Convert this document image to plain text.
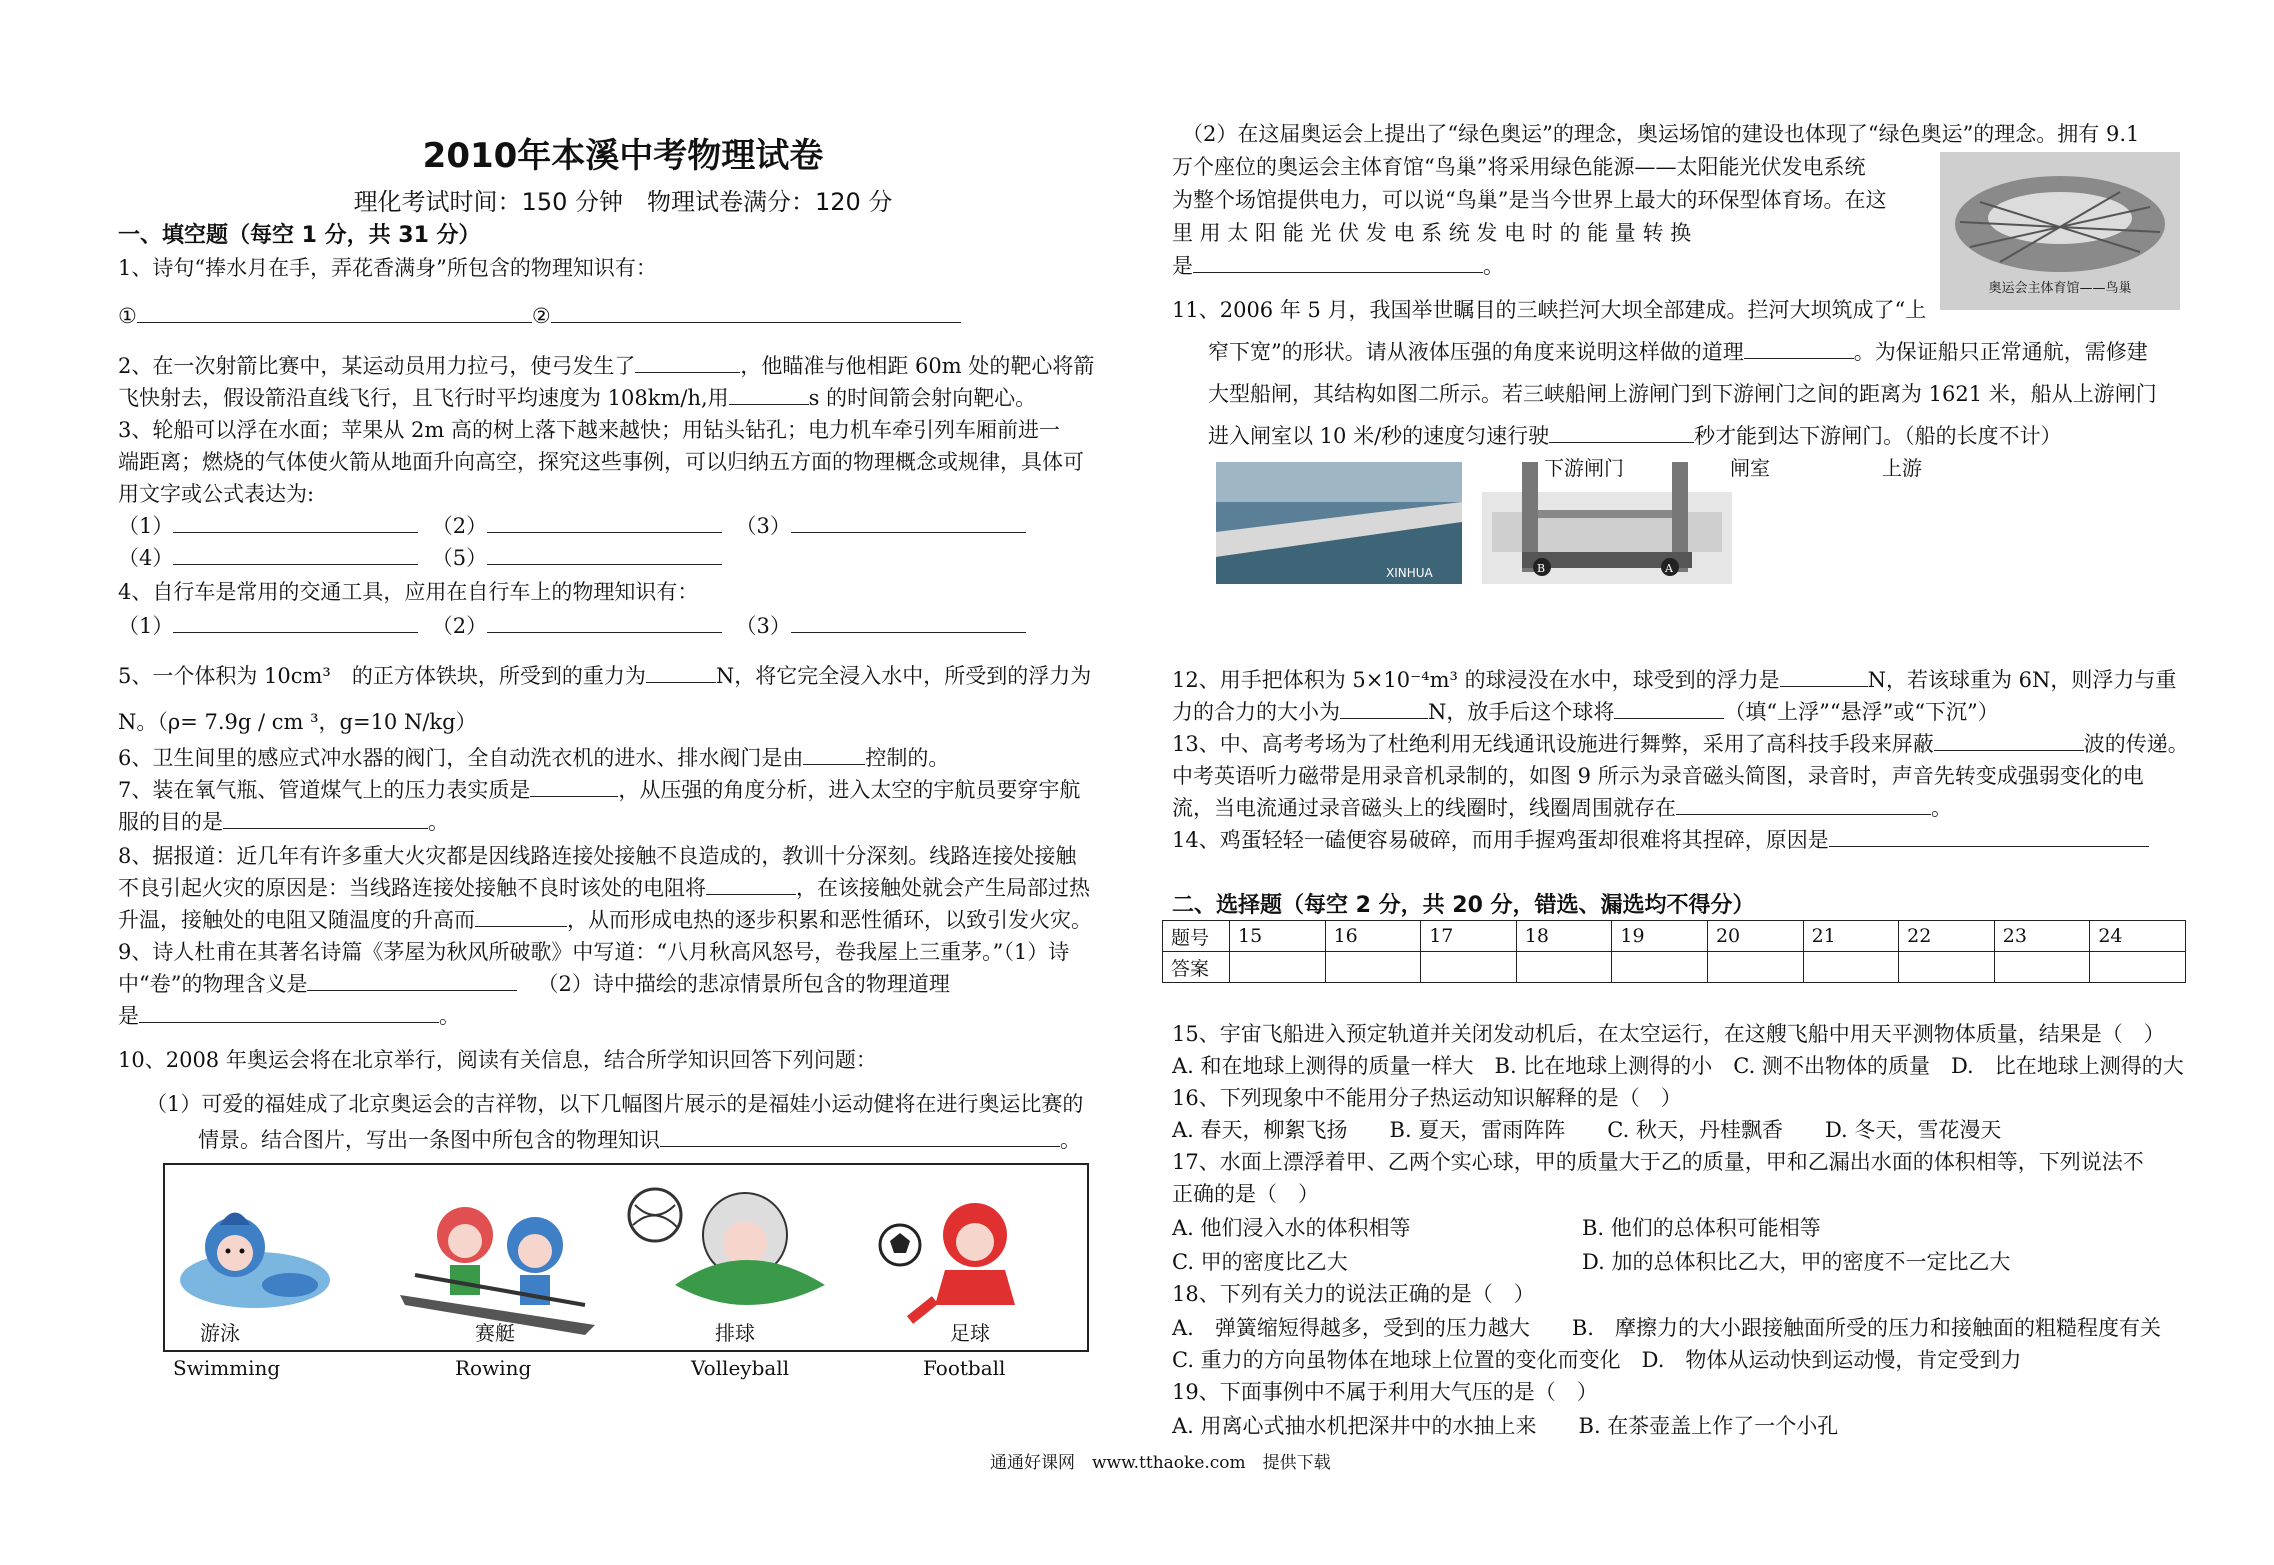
2010年本溪中考物理试卷
理化考试时间：150 分钟　物理试卷满分：120 分
一、填空题（每空 1 分，共 31 分）
1、诗句“捧水月在手，弄花香满身”所包含的物理知识有：
①	②
2、在一次射箭比赛中，某运动员用力拉弓，使弓发生了	，他瞄准与他相距 60m 处的靶心将箭
飞快射去，假设箭沿直线飞行，且飞行时平均速度为 108km/h,用	s 的时间箭会射向靶心。
3、轮船可以浮在水面；苹果从 2m 高的树上落下越来越快；用钻头钻孔；电力机车牵引列车厢前进一
端距离；燃烧的气体使火箭从地面升向高空，探究这些事例，可以归纳五方面的物理概念或规律，具体可
用文字或公式表达为:
（1）	（2）	（3）
（4）	（5）
4、自行车是常用的交通工具，应用在自行车上的物理知识有：
（1）	（2）	（3）
5、一个体积为 10cm³　的正方体铁块，所受到的重力为	N，将它完全浸入水中，所受到的浮力为
N。（ρ= 7.9g / cm ³，g=10 N/kg）
6、卫生间里的感应式冲水器的阀门，全自动洗衣机的进水、排水阀门是由	控制的。
7、装在氧气瓶、管道煤气上的压力表实质是	，从压强的角度分析，进入太空的宇航员要穿宇航
服的目的是	。
8、据报道：近几年有许多重大火灾都是因线路连接处接触不良造成的，教训十分深刻。线路连接处接触
不良引起火灾的原因是：当线路连接处接触不良时该处的电阻将	，在该接触处就会产生局部过热
升温，接触处的电阻又随温度的升高而	，从而形成电热的逐步积累和恶性循环，以致引发火灾。
9、诗人杜甫在其著名诗篇《茅屋为秋风所破歌》中写道：“八月秋高风怒号，卷我屋上三重茅。”（1）诗
中“卷”的物理含义是	（2）诗中描绘的悲凉情景所包含的物理道理
是	。
10、2008 年奥运会将在北京举行，阅读有关信息，结合所学知识回答下列问题：
（1）可爱的福娃成了北京奥运会的吉祥物，以下几幅图片展示的是福娃小运动健将在进行奥运比赛的
情景。结合图片，写出一条图中所包含的物理知识	。
游泳	赛艇	排球	足球
Swimming	Rowing	Volleyball	Football
（2）在这届奥运会上提出了“绿色奥运”的理念，奥运场馆的建设也体现了“绿色奥运”的理念。拥有 9.1
万个座位的奥运会主体育馆“鸟巢”将采用绿色能源——太阳能光伏发电系统
为整个场馆提供电力，可以说“鸟巢”是当今世界上最大的环保型体育场。在这
里 用 太 阳 能 光 伏 发 电 系 统 发 电 时 的 能 量 转 换
是	。
奥运会主体育馆——鸟巢
11、2006 年 5 月，我国举世瞩目的三峡拦河大坝全部建成。拦河大坝筑成了“上
窄下宽”的形状。请从液体压强的角度来说明这样做的道理	。为保证船只正常通航，需修建
大型船闸，其结构如图二所示。若三峡船闸上游闸门到下游闸门之间的距离为 1621 米，船从上游闸门
进入闸室以 10 米/秒的速度匀速行驶	秒才能到达下游闸门。（船的长度不计）
XINHUA	B	A
下游闸门	闸室	上游
12、用手把体积为 5×10⁻⁴m³ 的球浸没在水中，球受到的浮力是	N，若该球重为 6N，则浮力与重
力的合力的大小为	N，放手后这个球将	（填“上浮”“悬浮”或“下沉”）
13、中、高考考场为了杜绝利用无线通讯设施进行舞弊，采用了高科技手段来屏蔽	波的传递。
中考英语听力磁带是用录音机录制的，如图 9 所示为录音磁头简图，录音时，声音先转变成强弱变化的电
流，当电流通过录音磁头上的线圈时，线圈周围就存在	。
14、鸡蛋轻轻一磕便容易破碎，而用手握鸡蛋却很难将其捏碎，原因是
二、选择题（每空 2 分，共 20 分，错选、漏选均不得分）
题号	15	16	17	18	19	20	21	22	23	24
答案										
15、宇宙飞船进入预定轨道并关闭发动机后，在太空运行，在这艘飞船中用天平测物体质量，结果是（　）
A. 和在地球上测得的质量一样大　B. 比在地球上测得的小　C. 测不出物体的质量　D.　比在地球上测得的大
16、下列现象中不能用分子热运动知识解释的是（　）
A. 春天，柳絮飞扬　　B. 夏天，雷雨阵阵　　C. 秋天，丹桂飘香　　D. 冬天，雪花漫天
17、水面上漂浮着甲、乙两个实心球，甲的质量大于乙的质量，甲和乙漏出水面的体积相等，下列说法不
正确的是（　）
A. 他们浸入水的体积相等	B. 他们的总体积可能相等
C. 甲的密度比乙大	D. 加的总体积比乙大，甲的密度不一定比乙大
18、下列有关力的说法正确的是（　）
A.　弹簧缩短得越多，受到的压力越大　　B.　摩擦力的大小跟接触面所受的压力和接触面的粗糙程度有关
C. 重力的方向虽物体在地球上位置的变化而变化　D.　物体从运动快到运动慢，肯定受到力
19、下面事例中不属于利用大气压的是（　）
A. 用离心式抽水机把深井中的水抽上来　　B. 在茶壶盖上作了一个小孔
通通好课网　www.tthaoke.com　提供下载
